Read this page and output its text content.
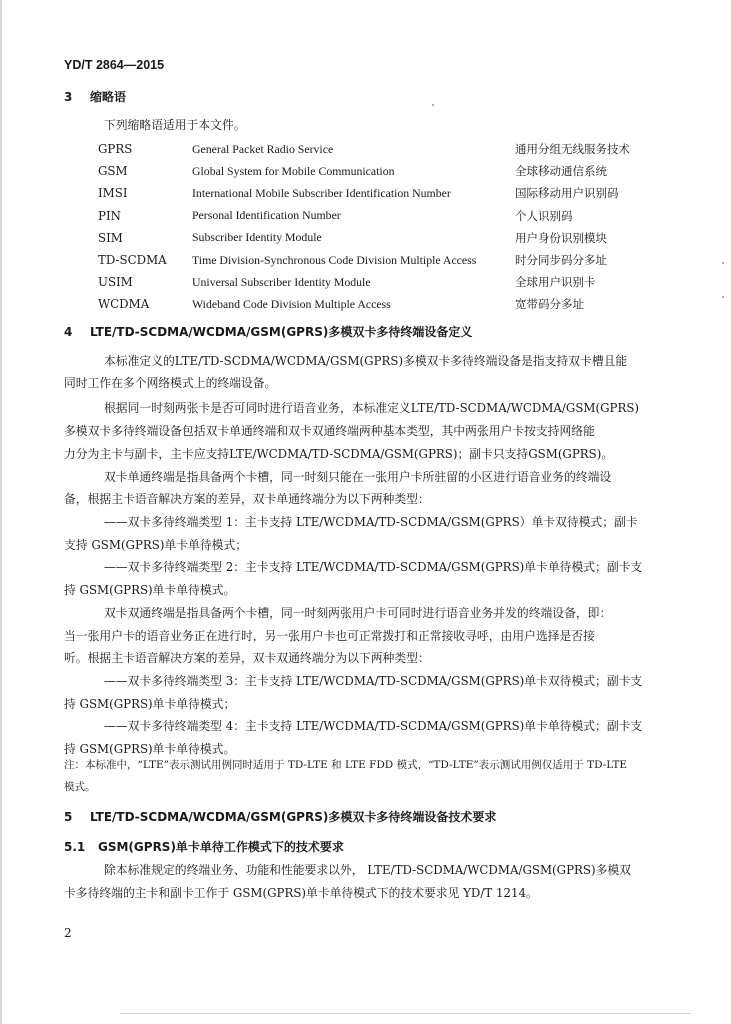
YD/T 2864—2015
3 缩略语
下列缩略语适用于本文件。
GPRS	General Packet Radio Service	通用分组无线服务技术
GSM	Global System for Mobile Communication	全球移动通信系统
IMSI	International Mobile Subscriber Identification Number	国际移动用户识别码
PIN	Personal Identification Number	个人识别码
SIM	Subscriber Identity Module	用户身份识别模块
TD-SCDMA	Time Division-Synchronous Code Division Multiple Access	时分同步码分多址
USIM	Universal Subscriber Identity Module	全球用户识别卡
WCDMA	Wideband Code Division Multiple Access	宽带码分多址
4 LTE/TD-SCDMA/WCDMA/GSM(GPRS)多模双卡多待终端设备定义
本标准定义的LTE/TD-SCDMA/WCDMA/GSM(GPRS)多模双卡多待终端设备是指支持双卡槽且能
同时工作在多个网络模式上的终端设备。
根据同一时刻两张卡是否可同时进行语音业务，本标准定义LTE/TD-SCDMA/WCDMA/GSM(GPRS)
多模双卡多待终端设备包括双卡单通终端和双卡双通终端两种基本类型，其中两张用户卡按支持网络能
力分为主卡与副卡，主卡应支持LTE/WCDMA/TD-SCDMA/GSM(GPRS)；副卡只支持GSM(GPRS)。
双卡单通终端是指具备两个卡槽，同一时刻只能在一张用户卡所驻留的小区进行语音业务的终端设
备，根据主卡语音解决方案的差异，双卡单通终端分为以下两种类型：
——双卡多待终端类型 1：主卡支持 LTE/WCDMA/TD-SCDMA/GSM(GPRS）单卡双待模式；副卡
支持 GSM(GPRS)单卡单待模式；
——双卡多待终端类型 2：主卡支持 LTE/WCDMA/TD-SCDMA/GSM(GPRS)单卡单待模式；副卡支
持 GSM(GPRS)单卡单待模式。
双卡双通终端是指具备两个卡槽，同一时刻两张用户卡可同时进行语音业务并发的终端设备，即：
当一张用户卡的语音业务正在进行时，另一张用户卡也可正常拨打和正常接收寻呼，由用户选择是否接
听。根据主卡语音解决方案的差异，双卡双通终端分为以下两种类型：
——双卡多待终端类型 3：主卡支持 LTE/WCDMA/TD-SCDMA/GSM(GPRS)单卡双待模式；副卡支
持 GSM(GPRS)单卡单待模式；
——双卡多待终端类型 4：主卡支持 LTE/WCDMA/TD-SCDMA/GSM(GPRS)单卡单待模式；副卡支
持 GSM(GPRS)单卡单待模式。
注：本标准中，“LTE”表示测试用例同时适用于 TD-LTE 和 LTE FDD 模式，“TD-LTE”表示测试用例仅适用于 TD-LTE
模式。
5 LTE/TD-SCDMA/WCDMA/GSM(GPRS)多模双卡多待终端设备技术要求
5.1 GSM(GPRS)单卡单待工作模式下的技术要求
除本标准规定的终端业务、功能和性能要求以外， LTE/TD-SCDMA/WCDMA/GSM(GPRS)多模双
卡多待终端的主卡和副卡工作于 GSM(GPRS)单卡单待模式下的技术要求见 YD/T 1214。
2
